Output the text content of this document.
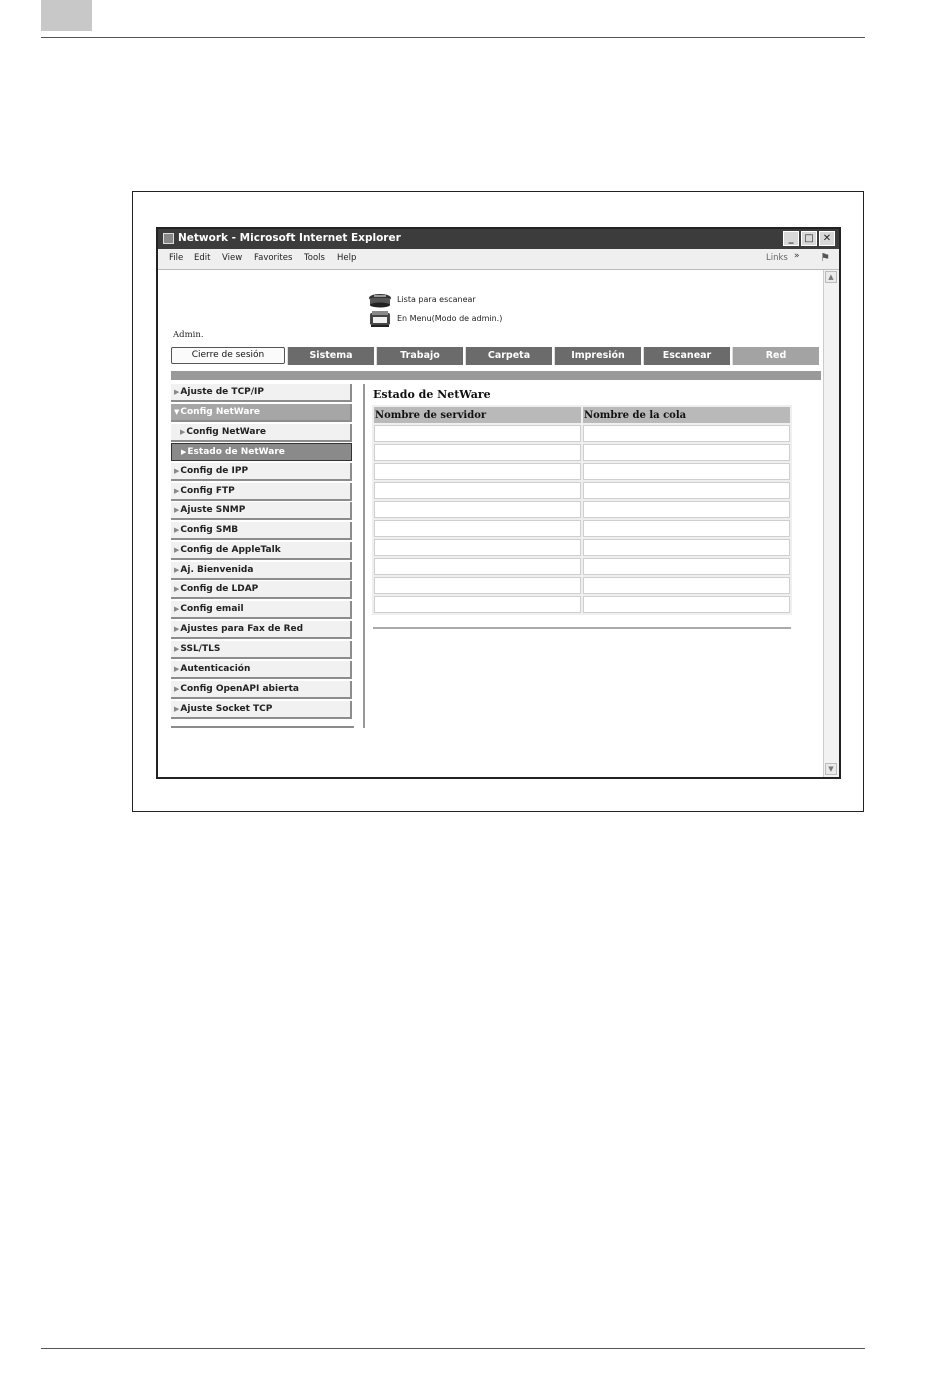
Network - Microsoft Internet Explorer	_	□ ✕
File Edit View Favorites Tools Help	Links » ⚑
Lista para escanear
En Menu(Modo de admin.)
Admin.
Cierre de sesión	Sistema	Trabajo	Carpeta	Impresión	Escanear	Red
▶Ajuste de TCP/IP
▼Config NetWare
▶Config NetWare
▶Estado de NetWare
▶Config de IPP
▶Config FTP
▶Ajuste SNMP
▶Config SMB
▶Config de AppleTalk
▶Aj. Bienvenida
▶Config de LDAP
▶Config email
▶Ajustes para Fax de Red
▶SSL/TLS
▶Autenticación
▶Config OpenAPI abierta
▶Ajuste Socket TCP
Estado de NetWare
Nombre de servidor	Nombre de la cola

▲
▼
